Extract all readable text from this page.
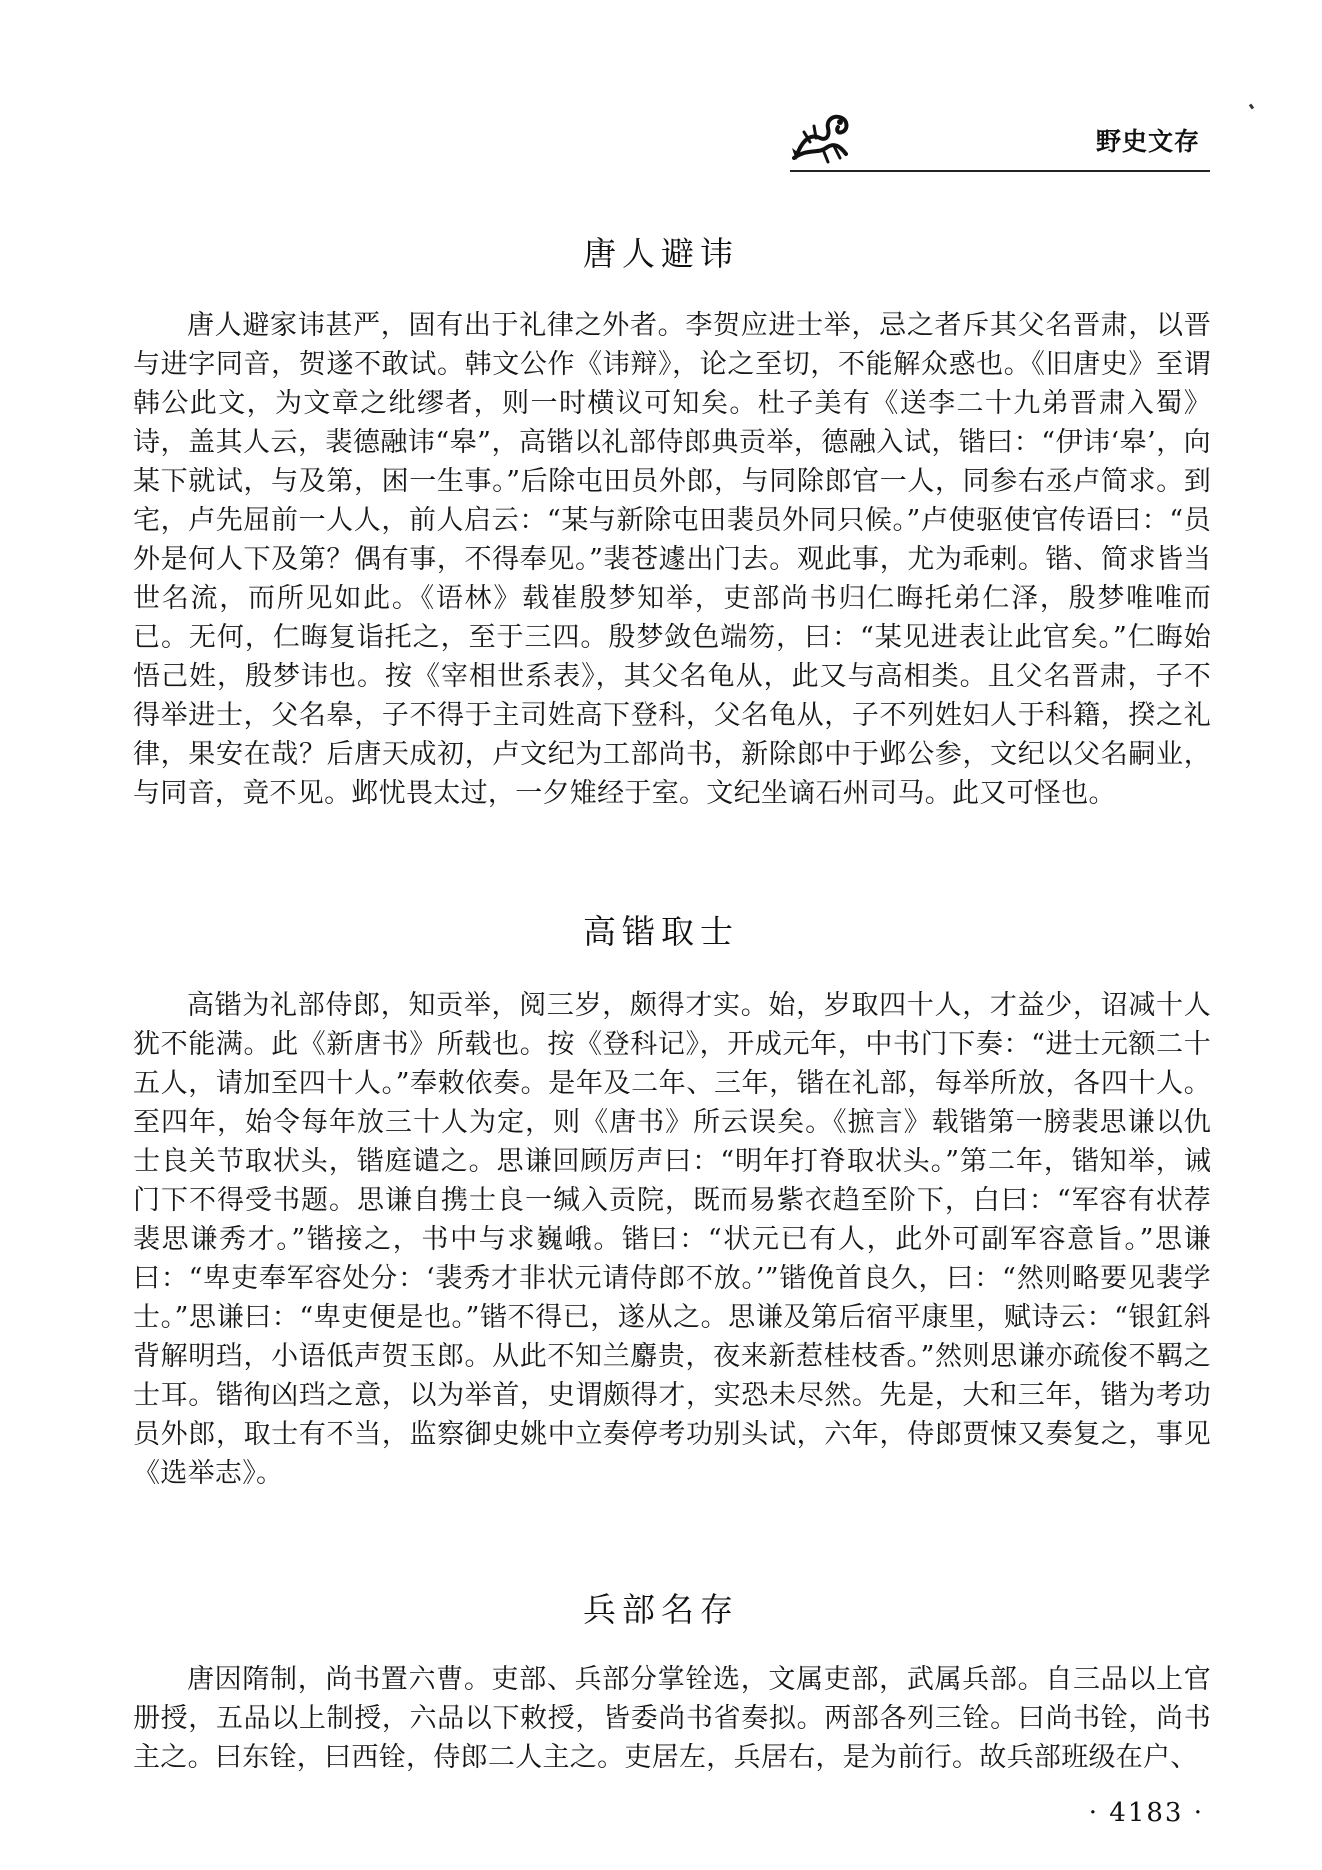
野史文存
唐人避讳

唐人避家讳甚严，固有出于礼律之外者。李贺应进士举，忌之者斥其父名晋肃，以晋与进字同音，贺遂不敢试。韩文公作《讳辩》，论之至切，不能解众惑也。《旧唐史》至谓韩公此文，为文章之纰缪者，则一时横议可知矣。杜子美有《送李二十九弟晋肃入蜀》诗，盖其人云，裴德融讳“皋”，高锴以礼部侍郎典贡举，德融入试，锴曰：“伊讳‘皋’，向某下就试，与及第，困一生事。”后除屯田员外郎，与同除郎官一人，同参右丞卢简求。到宅，卢先屈前一人人，前人启云：“某与新除屯田裴员外同只候。”卢使驱使官传语曰：“员外是何人下及第？偶有事，不得奉见。”裴苍遽出门去。观此事，尤为乖剌。锴、简求皆当世名流，而所见如此。《语林》载崔殷梦知举，吏部尚书归仁晦托弟仁泽，殷梦唯唯而已。无何，仁晦复诣托之，至于三四。殷梦敛色端笏，曰：“某见进表让此官矣。”仁晦始悟己姓，殷梦讳也。按《宰相世系表》，其父名龟从，此又与高相类。且父名晋肃，子不得举进士，父名皋，子不得于主司姓高下登科，父名龟从，子不列姓妇人于科籍，揆之礼律，果安在哉？后唐天成初，卢文纪为工部尚书，新除郎中于邺公参，文纪以父名嗣业，与同音，竟不见。邺忧畏太过，一夕雉经于室。文纪坐谪石州司马。此又可怪也。

高锴取士

高锴为礼部侍郎，知贡举，阅三岁，颇得才实。始，岁取四十人，才益少，诏减十人犹不能满。此《新唐书》所载也。按《登科记》，开成元年，中书门下奏：“进士元额二十五人，请加至四十人。”奉敕依奏。是年及二年、三年，锴在礼部，每举所放，各四十人。至四年，始令每年放三十人为定，则《唐书》所云误矣。《摭言》载锴第一膀裴思谦以仇士良关节取状头，锴庭谴之。思谦回顾厉声曰：“明年打脊取状头。”第二年，锴知举，诫门下不得受书题。思谦自携士良一缄入贡院，既而易紫衣趋至阶下，白曰：“军容有状荐裴思谦秀才。”锴接之，书中与求巍峨。锴曰：“状元已有人，此外可副军容意旨。”思谦曰：“卑吏奉军容处分：‘裴秀才非状元请侍郎不放。’”锴俛首良久，曰：“然则略要见裴学士。”思谦曰：“卑吏便是也。”锴不得已，遂从之。思谦及第后宿平康里，赋诗云：“银釭斜背解明珰，小语低声贺玉郎。从此不知兰麝贵，夜来新惹桂枝香。”然则思谦亦疏俊不羁之士耳。锴徇凶珰之意，以为举首，史谓颇得才，实恐未尽然。先是，大和三年，锴为考功员外郎，取士有不当，监察御史姚中立奏停考功别头试，六年，侍郎贾悚又奏复之，事见《选举志》。

兵部名存

唐因隋制，尚书置六曹。吏部、兵部分掌铨选，文属吏部，武属兵部。自三品以上官册授，五品以上制授，六品以下敕授，皆委尚书省奏拟。两部各列三铨。曰尚书铨，尚书主之。曰东铨，曰西铨，侍郎二人主之。吏居左，兵居右，是为前行。故兵部班级在户、

· 4183 ·
